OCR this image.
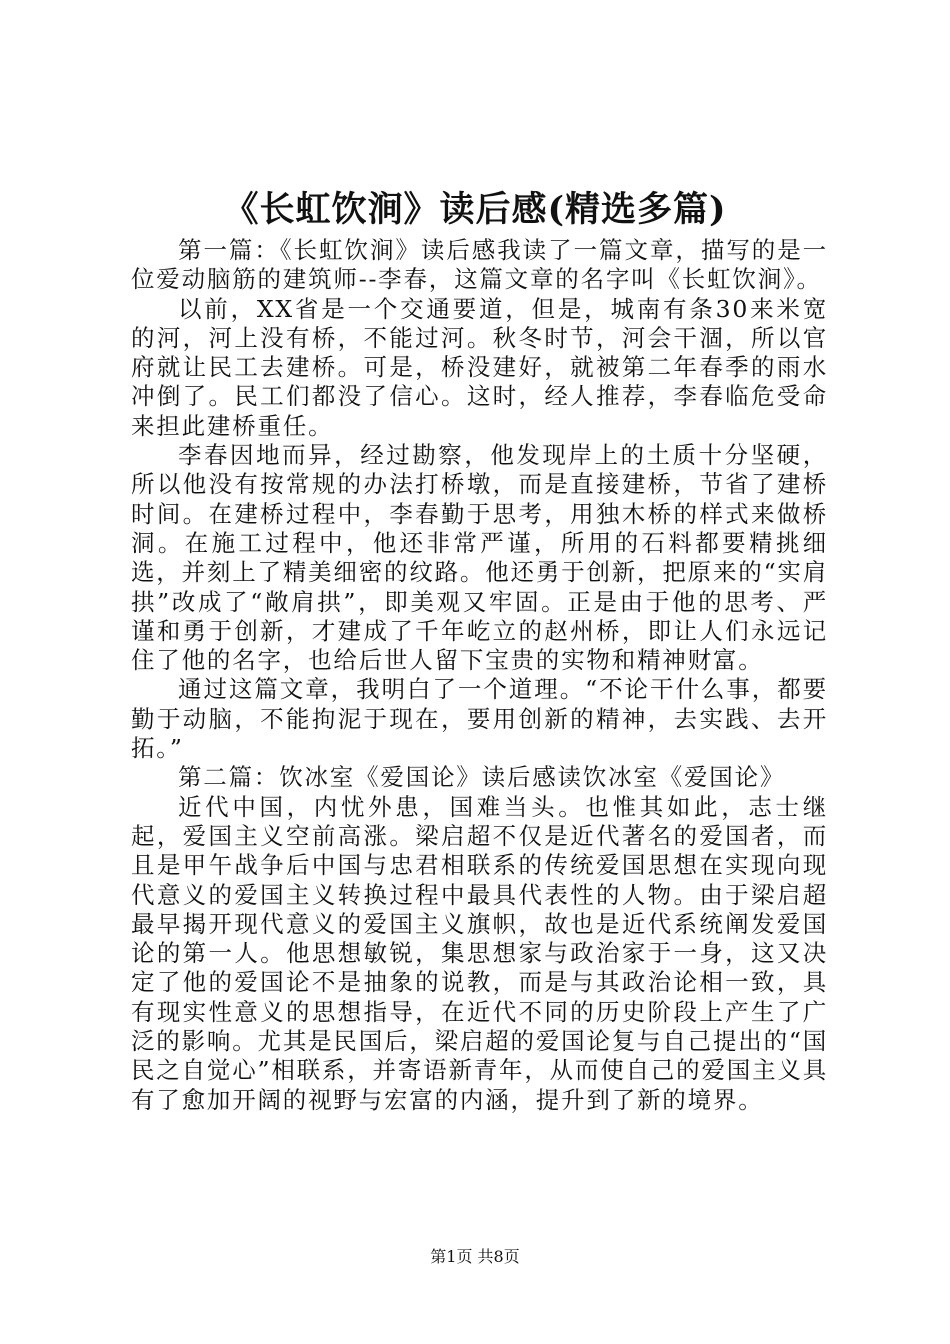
《长虹饮涧》读后感(精选多篇)

第一篇：《长虹饮涧》读后感我读了一篇文章，描写的是一位爱动脑筋的建筑师--李春，这篇文章的名字叫《长虹饮涧》。

以前，XX省是一个交通要道，但是，城南有条30来米宽的河，河上没有桥，不能过河。秋冬时节，河会干涸，所以官府就让民工去建桥。可是，桥没建好，就被第二年春季的雨水冲倒了。民工们都没了信心。这时，经人推荐，李春临危受命来担此建桥重任。

李春因地而异，经过勘察，他发现岸上的土质十分坚硬，所以他没有按常规的办法打桥墩，而是直接建桥，节省了建桥时间。在建桥过程中，李春勤于思考，用独木桥的样式来做桥洞。在施工过程中，他还非常严谨，所用的石料都要精挑细选，并刻上了精美细密的纹路。他还勇于创新，把原来的“实肩拱”改成了“敞肩拱”，即美观又牢固。正是由于他的思考、严谨和勇于创新，才建成了千年屹立的赵州桥，即让人们永远记住了他的名字，也给后世人留下宝贵的实物和精神财富。

通过这篇文章，我明白了一个道理。“不论干什么事，都要勤于动脑，不能拘泥于现在，要用创新的精神，去实践、去开拓。”

第二篇：饮冰室《爱国论》读后感读饮冰室《爱国论》

近代中国，内忧外患，国难当头。也惟其如此，志士继起，爱国主义空前高涨。梁启超不仅是近代著名的爱国者，而且是甲午战争后中国与忠君相联系的传统爱国思想在实现向现代意义的爱国主义转换过程中最具代表性的人物。由于梁启超最早揭开现代意义的爱国主义旗帜，故也是近代系统阐发爱国论的第一人。他思想敏锐，集思想家与政治家于一身，这又决定了他的爱国论不是抽象的说教，而是与其政治论相一致，具有现实性意义的思想指导，在近代不同的历史阶段上产生了广泛的影响。尤其是民国后，梁启超的爱国论复与自己提出的“国民之自觉心”相联系，并寄语新青年，从而使自己的爱国主义具有了愈加开阔的视野与宏富的内涵，提升到了新的境界。

第1页 共8页
